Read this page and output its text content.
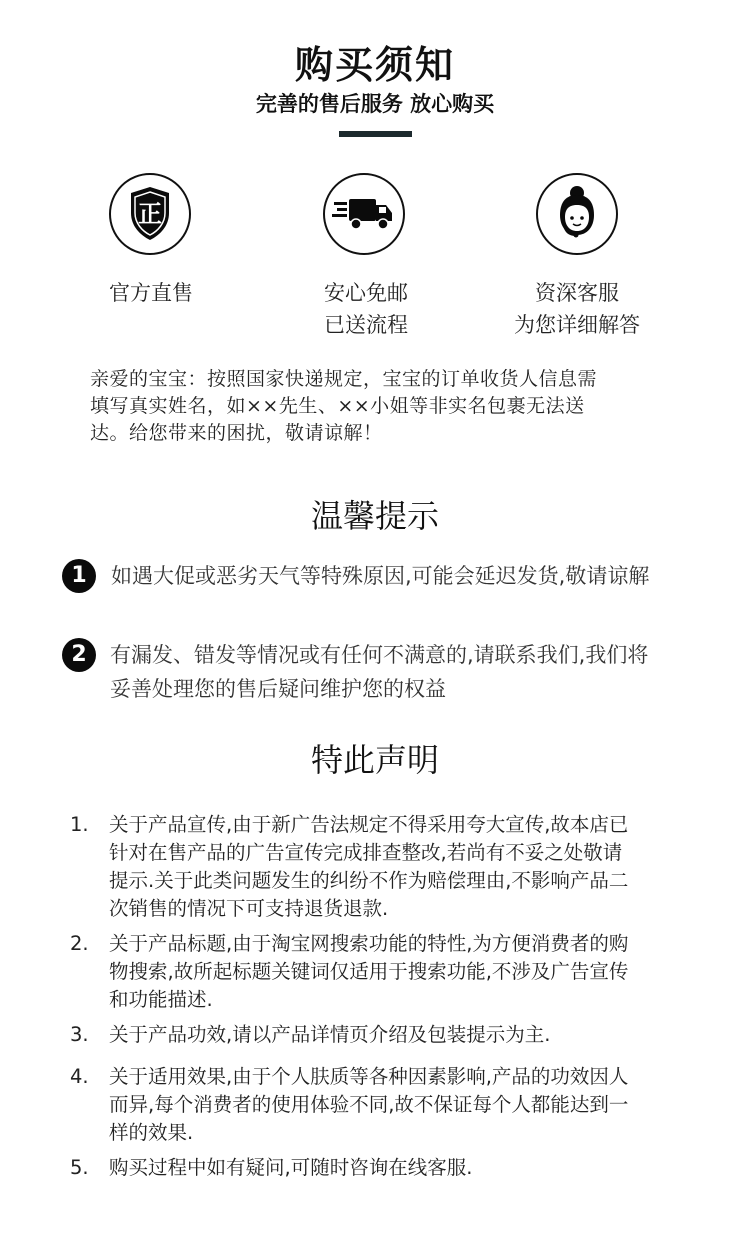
购买须知
完善的售后服务 放心购买
正
官方直售	安心免邮
已送流程
资深客服
为您详细解答
亲爱的宝宝：按照国家快递规定，宝宝的订单收货人信息需
填写真实姓名，如××先生、××小姐等非实名包裹无法送
达。给您带来的困扰，敬请谅解！
温馨提示
1	如遇大促或恶劣天气等特殊原因,可能会延迟发货,敬请谅解
2	有漏发、错发等情况或有任何不满意的,请联系我们,我们将
妥善处理您的售后疑问维护您的权益
特此声明
1.	关于产品宣传,由于新广告法规定不得采用夸大宣传,故本店已
针对在售产品的广告宣传完成排查整改,若尚有不妥之处敬请
提示.关于此类问题发生的纠纷不作为赔偿理由,不影响产品二
次销售的情况下可支持退货退款.
2.	关于产品标题,由于淘宝网搜索功能的特性,为方便消费者的购
物搜索,故所起标题关键词仅适用于搜索功能,不涉及广告宣传
和功能描述.
3.	关于产品功效,请以产品详情页介绍及包装提示为主.
4.	关于适用效果,由于个人肤质等各种因素影响,产品的功效因人
而异,每个消费者的使用体验不同,故不保证每个人都能达到一
样的效果.
5.	购买过程中如有疑问,可随时咨询在线客服.
